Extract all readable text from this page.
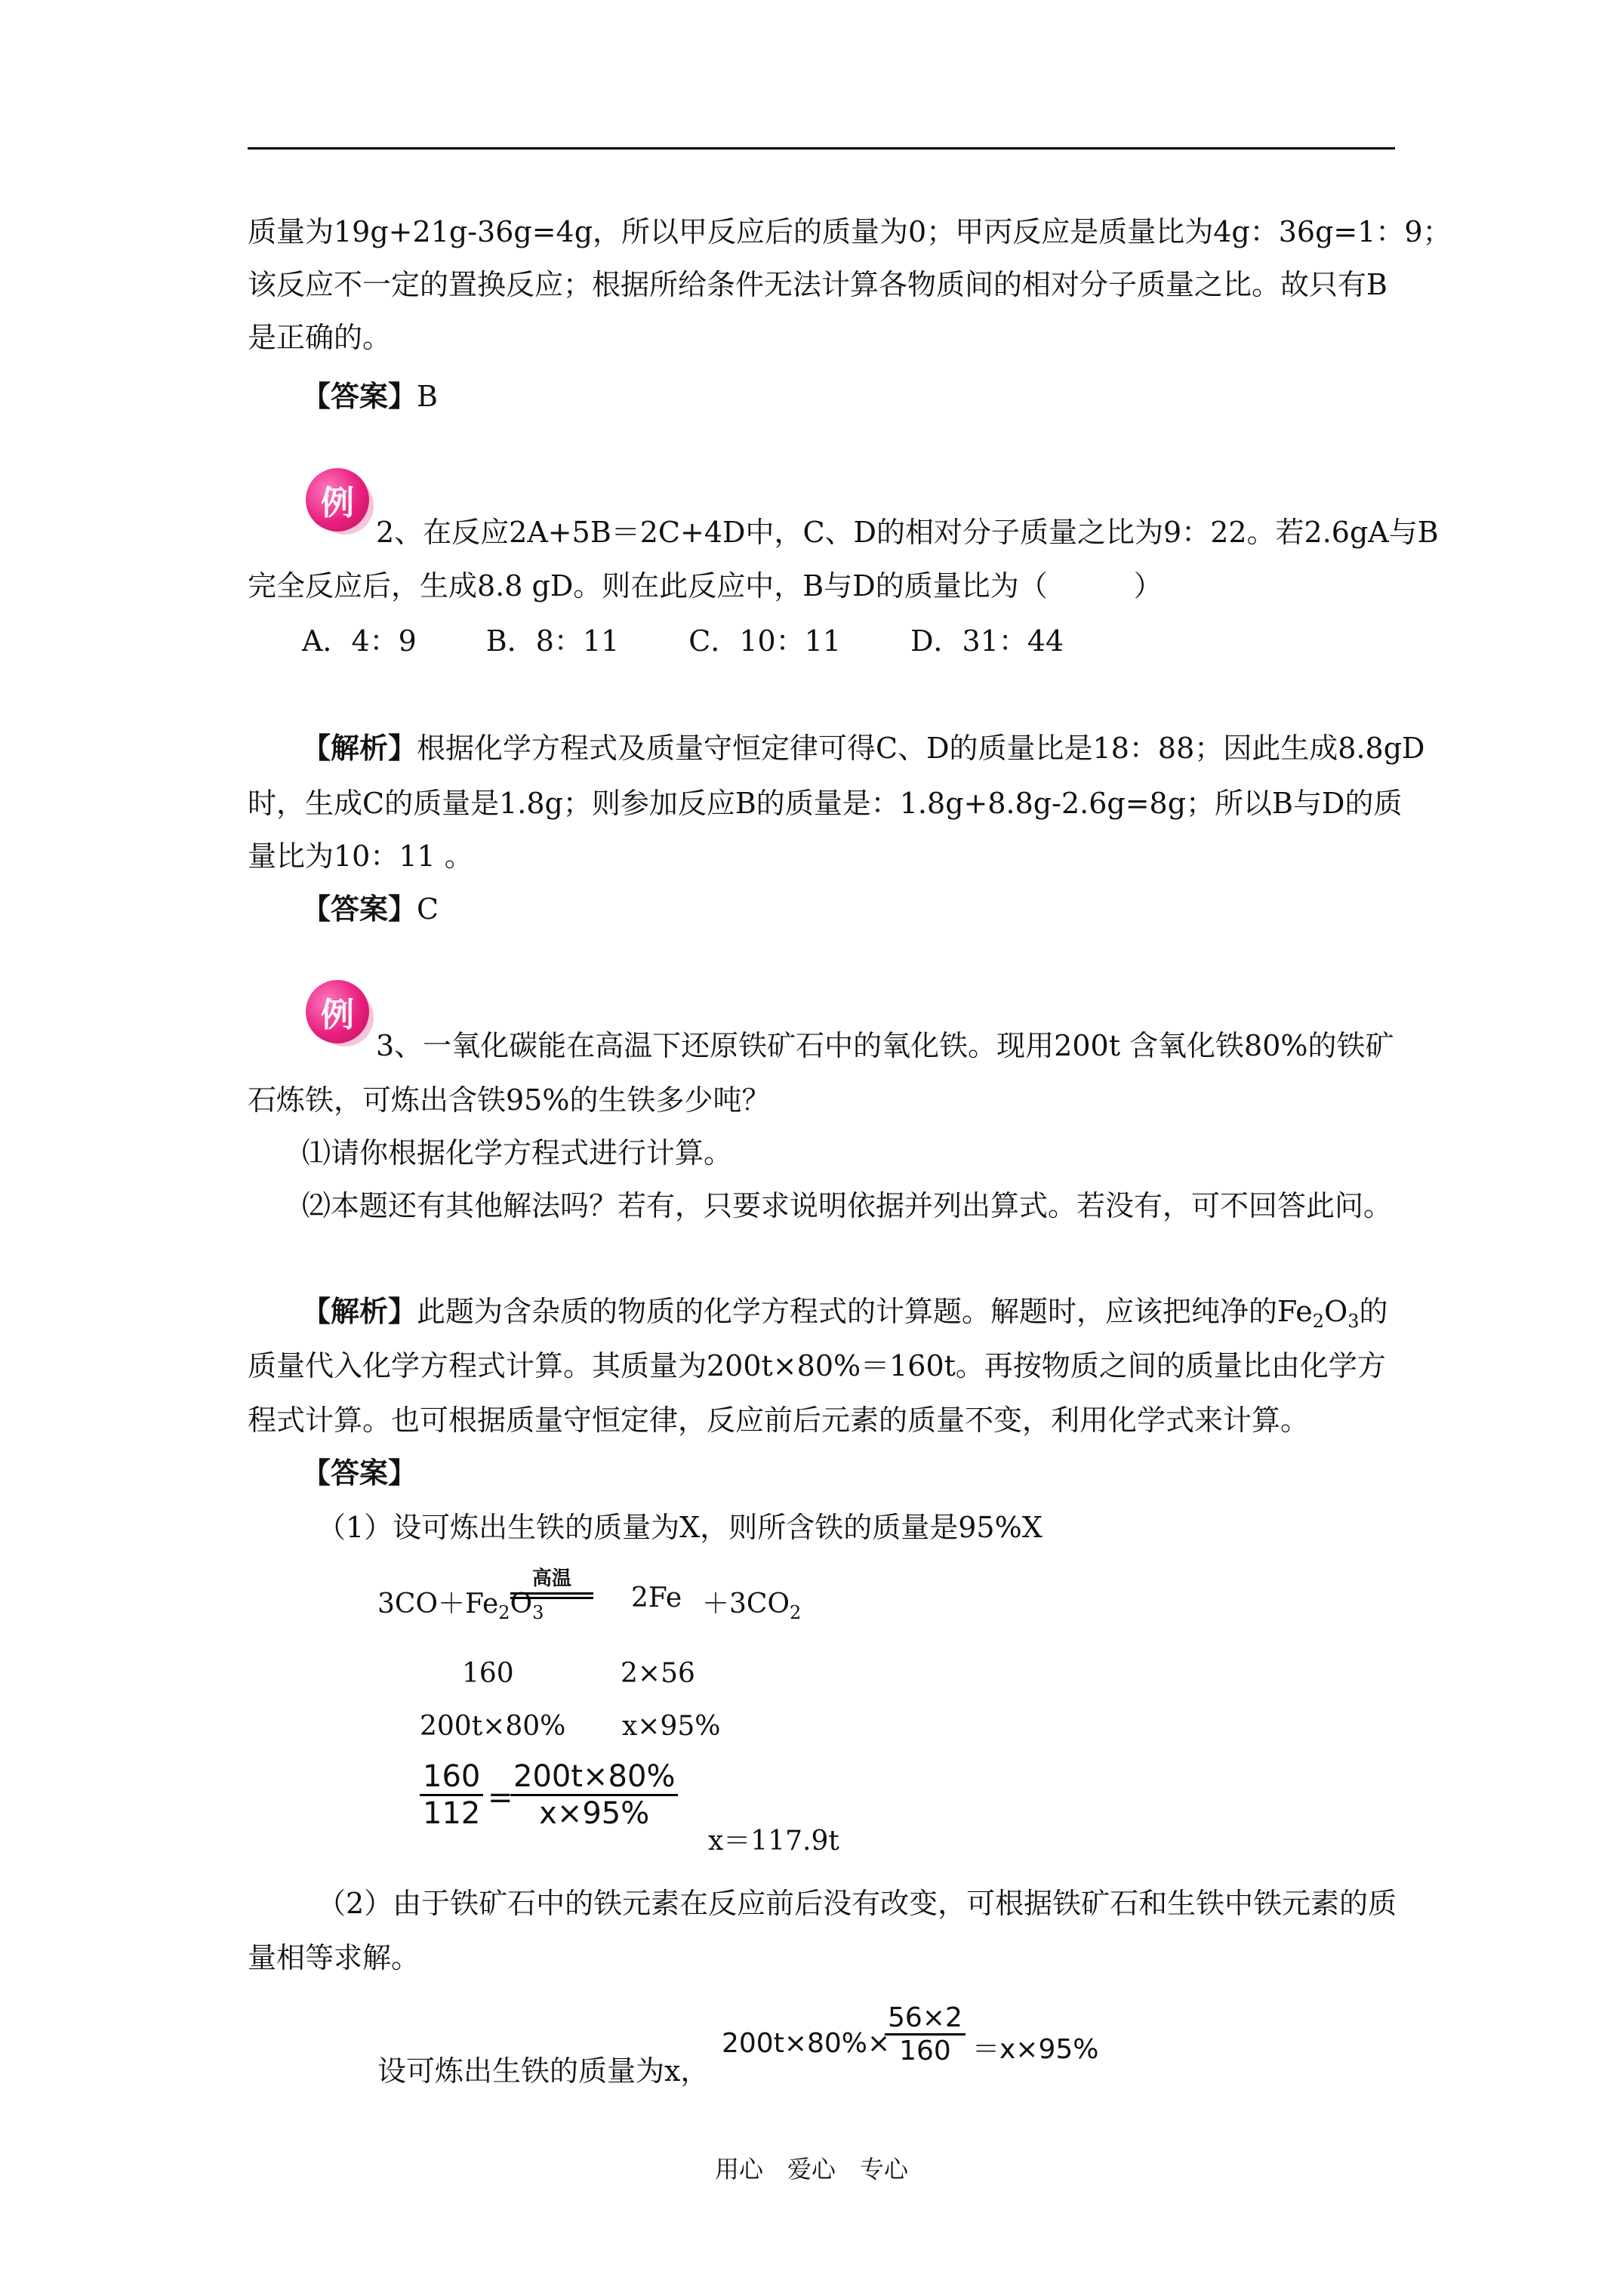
质量为19g+21g-36g=4g，所以甲反应后的质量为0；甲丙反应是质量比为4g：36g=1：9；
该反应不一定的置换反应；根据所给条件无法计算各物质间的相对分子质量之比。故只有B
是正确的。
【答案】B
例
2、在反应2A+5B＝2C+4D中，C、D的相对分子质量之比为9：22。若2.6gA与B
完全反应后，生成8.8 gD。则在此反应中，B与D的质量比为（　　　）
A．4：9 B．8：11 C．10：11 D．31：44
【解析】根据化学方程式及质量守恒定律可得C、D的质量比是18：88；因此生成8.8gD
时，生成C的质量是1.8g；则参加反应B的质量是：1.8g+8.8g-2.6g=8g；所以B与D的质
量比为10：11 。
【答案】C
例
3、一氧化碳能在高温下还原铁矿石中的氧化铁。现用200t 含氧化铁80%的铁矿
石炼铁，可炼出含铁95%的生铁多少吨？
⑴请你根据化学方程式进行计算。
⑵本题还有其他解法吗？若有，只要求说明依据并列出算式。若没有，可不回答此问。
【解析】此题为含杂质的物质的化学方程式的计算题。解题时，应该把纯净的$Fe_2O_3$的
质量代入化学方程式计算。其质量为200t×80%＝160t。再按物质之间的质量比由化学方
程式计算。也可根据质量守恒定律，反应前后元素的质量不变，利用化学式来计算。
【答案】
（1）设可炼出生铁的质量为X，则所含铁的质量是95%X
$3CO+Fe_2O_3$
高温
$2Fe +3CO_2$
160	2×56
200t×80% x×95%
$\frac{160}{112}$ =
$\frac{200t\times 80\%}{x\times 95\%}$
x＝117.9t
（2）由于铁矿石中的铁元素在反应前后没有改变，可根据铁矿石和生铁中铁元素的质
量相等求解。
设可炼出生铁的质量为x，
200t×80%×
$\frac{56\times 2}{160} =x\times 95\%$
用心 爱心 专心
